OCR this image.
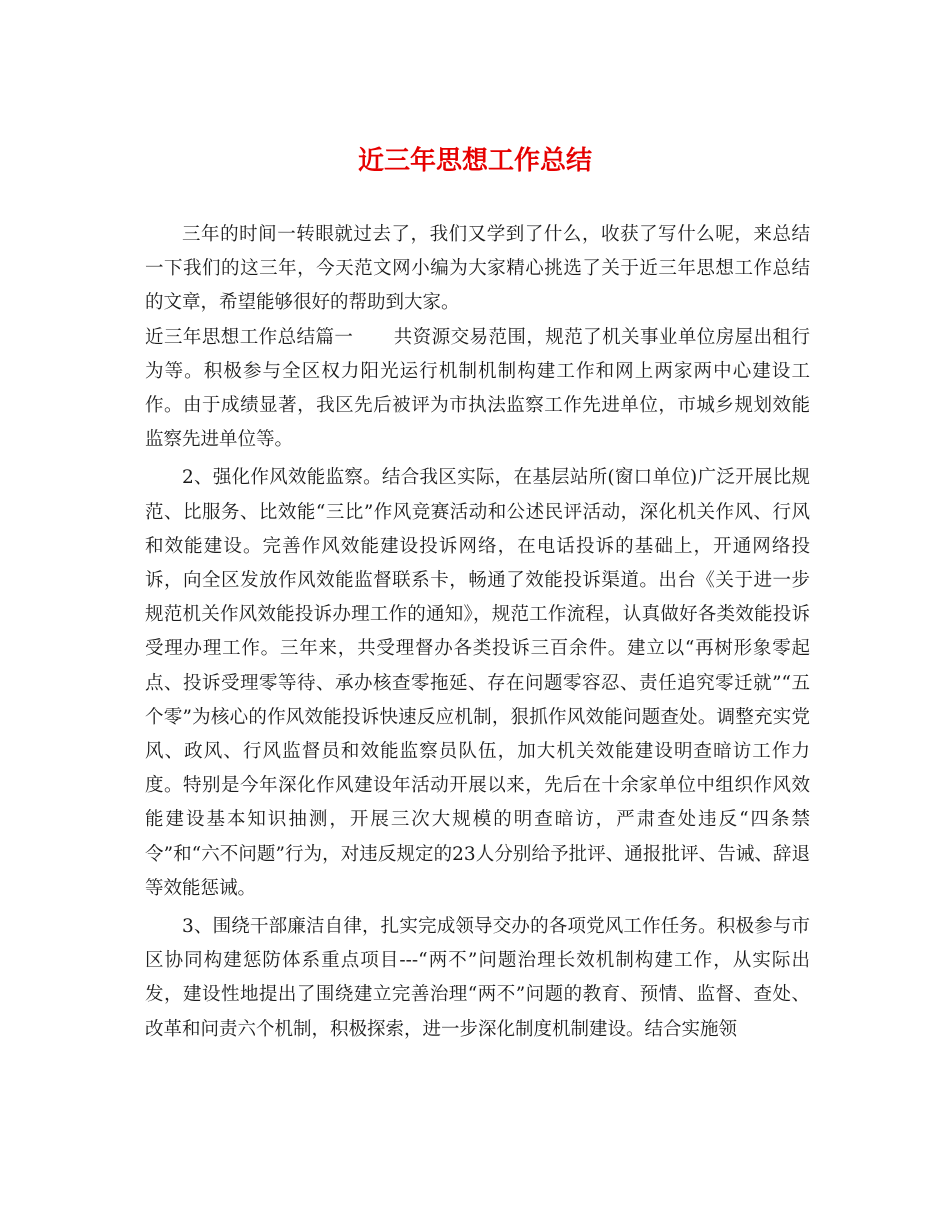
近三年思想工作总结

三年的时间一转眼就过去了，我们又学到了什么，收获了写什么呢，来总结一下我们的这三年，今天范文网小编为大家精心挑选了关于近三年思想工作总结的文章，希望能够很好的帮助到大家。

近三年思想工作总结篇一 共资源交易范围，规范了机关事业单位房屋出租行为等。积极参与全区权力阳光运行机制机制构建工作和网上两家两中心建设工作。由于成绩显著，我区先后被评为市执法监察工作先进单位，市城乡规划效能监察先进单位等。

2、强化作风效能监察。结合我区实际，在基层站所(窗口单位)广泛开展比规范、比服务、比效能“三比”作风竞赛活动和公述民评活动，深化机关作风、行风和效能建设。完善作风效能建设投诉网络，在电话投诉的基础上，开通网络投诉，向全区发放作风效能监督联系卡，畅通了效能投诉渠道。出台《关于进一步规范机关作风效能投诉办理工作的通知》，规范工作流程，认真做好各类效能投诉受理办理工作。三年来，共受理督办各类投诉三百余件。建立以“再树形象零起点、投诉受理零等待、承办核查零拖延、存在问题零容忍、责任追究零迁就”“五个零”为核心的作风效能投诉快速反应机制，狠抓作风效能问题查处。调整充实党风、政风、行风监督员和效能监察员队伍，加大机关效能建设明查暗访工作力度。特别是今年深化作风建设年活动开展以来，先后在十余家单位中组织作风效能建设基本知识抽测，开展三次大规模的明查暗访，严肃查处违反“四条禁令”和“六不问题”行为，对违反规定的23人分别给予批评、通报批评、告诫、辞退等效能惩诫。

3、围绕干部廉洁自律，扎实完成领导交办的各项党风工作任务。积极参与市区协同构建惩防体系重点项目---“两不”问题治理长效机制构建工作，从实际出发，建设性地提出了围绕建立完善治理“两不”问题的教育、预情、监督、查处、改革和问责六个机制，积极探索，进一步深化制度机制建设。结合实施领
